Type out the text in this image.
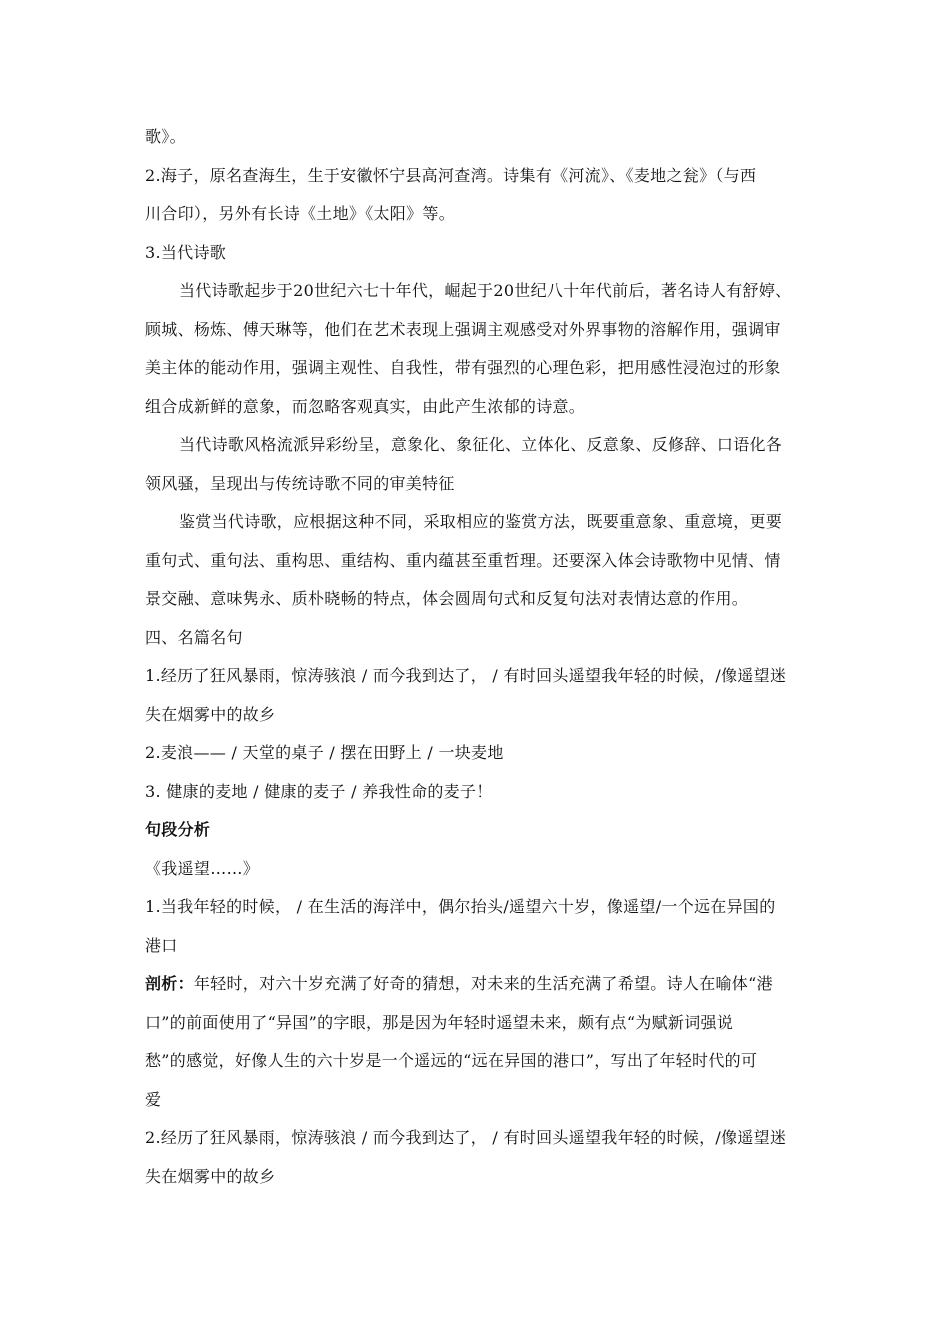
歌》。
2.海子，原名查海生，生于安徽怀宁县高河查湾。诗集有《河流》、《麦地之瓮》（与西
川合印），另外有长诗《土地》《太阳》等。
3.当代诗歌
当代诗歌起步于20世纪六七十年代，崛起于20世纪八十年代前后，著名诗人有舒婷、
顾城、杨炼、傅天琳等，他们在艺术表现上强调主观感受对外界事物的溶解作用，强调审
美主体的能动作用，强调主观性、自我性，带有强烈的心理色彩，把用感性浸泡过的形象
组合成新鲜的意象，而忽略客观真实，由此产生浓郁的诗意。
当代诗歌风格流派异彩纷呈，意象化、象征化、立体化、反意象、反修辞、口语化各
领风骚，呈现出与传统诗歌不同的审美特征
鉴赏当代诗歌，应根据这种不同，采取相应的鉴赏方法，既要重意象、重意境，更要
重句式、重句法、重构思、重结构、重内蕴甚至重哲理。还要深入体会诗歌物中见情、情
景交融、意味隽永、质朴晓畅的特点，体会圆周句式和反复句法对表情达意的作用。
四、名篇名句
1.经历了狂风暴雨，惊涛骇浪 / 而今我到达了， / 有时回头遥望我年轻的时候，/像遥望迷
失在烟雾中的故乡
2.麦浪—— / 天堂的桌子 / 摆在田野上 / 一块麦地
3. 健康的麦地 / 健康的麦子 / 养我性命的麦子！
句段分析
《我遥望……》
1.当我年轻的时候， / 在生活的海洋中，偶尔抬头/遥望六十岁，像遥望/一个远在异国的
港口
剖析：年轻时，对六十岁充满了好奇的猜想，对未来的生活充满了希望。诗人在喻体“港
口”的前面使用了“异国”的字眼，那是因为年轻时遥望未来，颇有点“为赋新词强说
愁”的感觉，好像人生的六十岁是一个遥远的“远在异国的港口”，写出了年轻时代的可
爱
2.经历了狂风暴雨，惊涛骇浪 / 而今我到达了， / 有时回头遥望我年轻的时候，/像遥望迷
失在烟雾中的故乡
